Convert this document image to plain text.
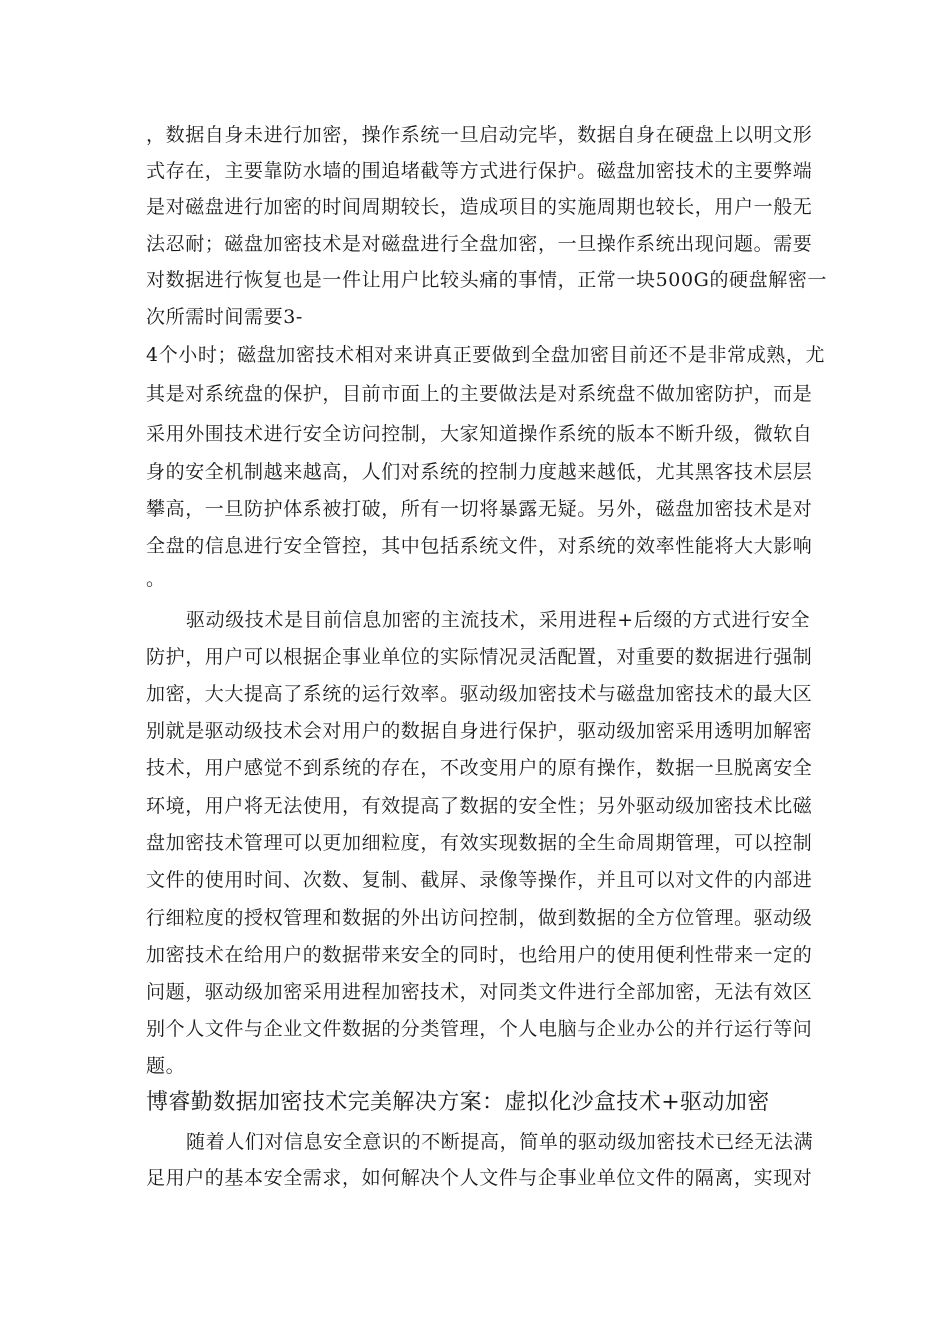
，数据自身未进行加密，操作系统一旦启动完毕，数据自身在硬盘上以明文形
式存在，主要靠防水墙的围追堵截等方式进行保护。磁盘加密技术的主要弊端
是对磁盘进行加密的时间周期较长，造成项目的实施周期也较长，用户一般无
法忍耐；磁盘加密技术是对磁盘进行全盘加密，一旦操作系统出现问题。需要
对数据进行恢复也是一件让用户比较头痛的事情，正常一块500G的硬盘解密一
次所需时间需要3-
4个小时；磁盘加密技术相对来讲真正要做到全盘加密目前还不是非常成熟，尤
其是对系统盘的保护，目前市面上的主要做法是对系统盘不做加密防护，而是
采用外围技术进行安全访问控制，大家知道操作系统的版本不断升级，微软自
身的安全机制越来越高，人们对系统的控制力度越来越低，尤其黑客技术层层
攀高，一旦防护体系被打破，所有一切将暴露无疑。另外，磁盘加密技术是对
全盘的信息进行安全管控，其中包括系统文件，对系统的效率性能将大大影响
。
驱动级技术是目前信息加密的主流技术，采用进程+后缀的方式进行安全
防护，用户可以根据企事业单位的实际情况灵活配置，对重要的数据进行强制
加密，大大提高了系统的运行效率。驱动级加密技术与磁盘加密技术的最大区
别就是驱动级技术会对用户的数据自身进行保护，驱动级加密采用透明加解密
技术，用户感觉不到系统的存在，不改变用户的原有操作，数据一旦脱离安全
环境，用户将无法使用，有效提高了数据的安全性；另外驱动级加密技术比磁
盘加密技术管理可以更加细粒度，有效实现数据的全生命周期管理，可以控制
文件的使用时间、次数、复制、截屏、录像等操作，并且可以对文件的内部进
行细粒度的授权管理和数据的外出访问控制，做到数据的全方位管理。驱动级
加密技术在给用户的数据带来安全的同时，也给用户的使用便利性带来一定的
问题，驱动级加密采用进程加密技术，对同类文件进行全部加密，无法有效区
别个人文件与企业文件数据的分类管理，个人电脑与企业办公的并行运行等问
题。
博睿勤数据加密技术完美解决方案：虚拟化沙盒技术+驱动加密
随着人们对信息安全意识的不断提高，简单的驱动级加密技术已经无法满
足用户的基本安全需求，如何解决个人文件与企事业单位文件的隔离，实现对
